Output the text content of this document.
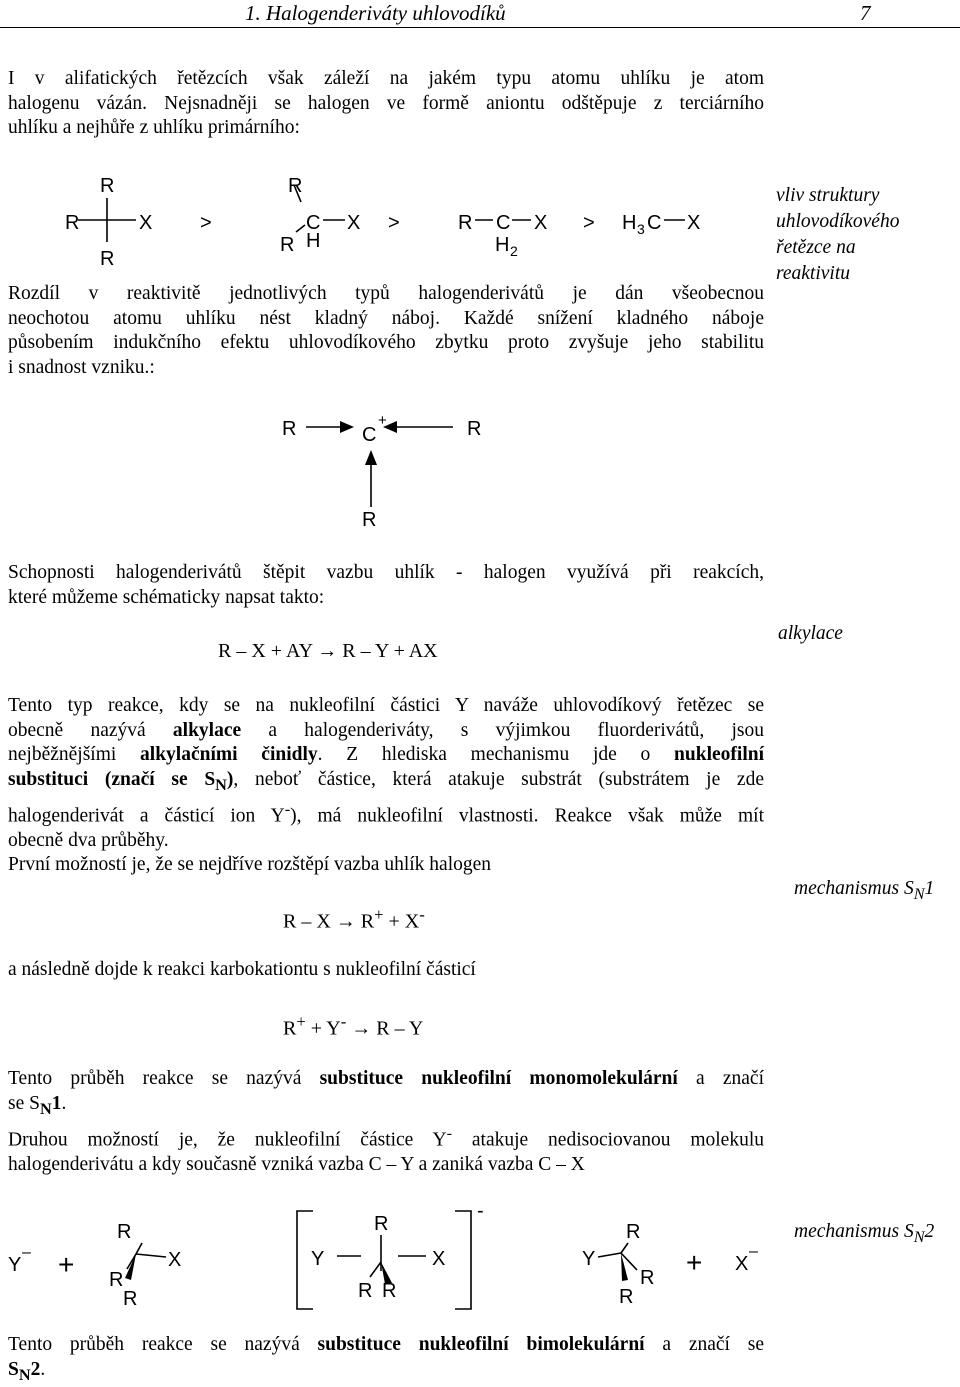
1. Halogenderiváty uhlovodíků	7
I v alifatických řetězcích však záleží na jakém typu atomu uhlíku je atom
halogenu vázán. Nejsnadněji se halogen ve formě aniontu odštěpuje z terciárního
uhlíku a nejhůře z uhlíku primárního:
R
R	X
R
>
R
C X
R H
>	R C X
H 2
> H 3 C X
vliv struktury
uhlovodíkového
řetězce na
reaktivitu
Rozdíl v reaktivitě jednotlivých typů halogenderivátů je dán všeobecnou
neochotou atomu uhlíku nést kladný náboj. Každé snížení kladného náboje
působením indukčního efektu uhlovodíkového zbytku proto zvyšuje jeho stabilitu
i snadnost vzniku.:
R	C
+	R
R
Schopnosti halogenderivátů štěpit vazbu uhlík - halogen využívá při reakcích,
které můžeme schématicky napsat takto:
R – X + AY → R – Y + AX
alkylace
Tento typ reakce, kdy se na nukleofilní částici Y naváže uhlovodíkový řetězec se
obecně nazývá alkylace a halogenderiváty, s výjimkou fluorderivátů, jsou
nejběžnějšími alkylačními činidly. Z hlediska mechanismu jde o nukleofilní
substituci (značí se $S_N$), neboť částice, která atakuje substrát (substrátem je zde
halogenderivát a částicí ion Y-), má nukleofilní vlastnosti. Reakce však může mít
obecně dva průběhy.
První možností je, že se nejdříve rozštěpí vazba uhlík halogen
mechanismus $S_N1$
R – X → R+ + X-
a následně dojde k reakci karbokationtu s nukleofilní částicí
R+ + Y- → R – Y
Tento průběh reakce se nazývá substituce nukleofilní monomolekulární a značí
se $S_N1$.
Druhou možností je, že nukleofilní částice Y- atakuje nedisociovanou molekulu
halogenderivátu a kdy současně vzniká vazba C – Y a zaniká vazba C – X
Y
– +
R
X
R
R
Y
R
X
R R
-
Y
R
R
R
+ X
–
mechanismus $S_N2$
Tento průběh reakce se nazývá substituce nukleofilní bimolekulární a značí se
$S_N2$.
